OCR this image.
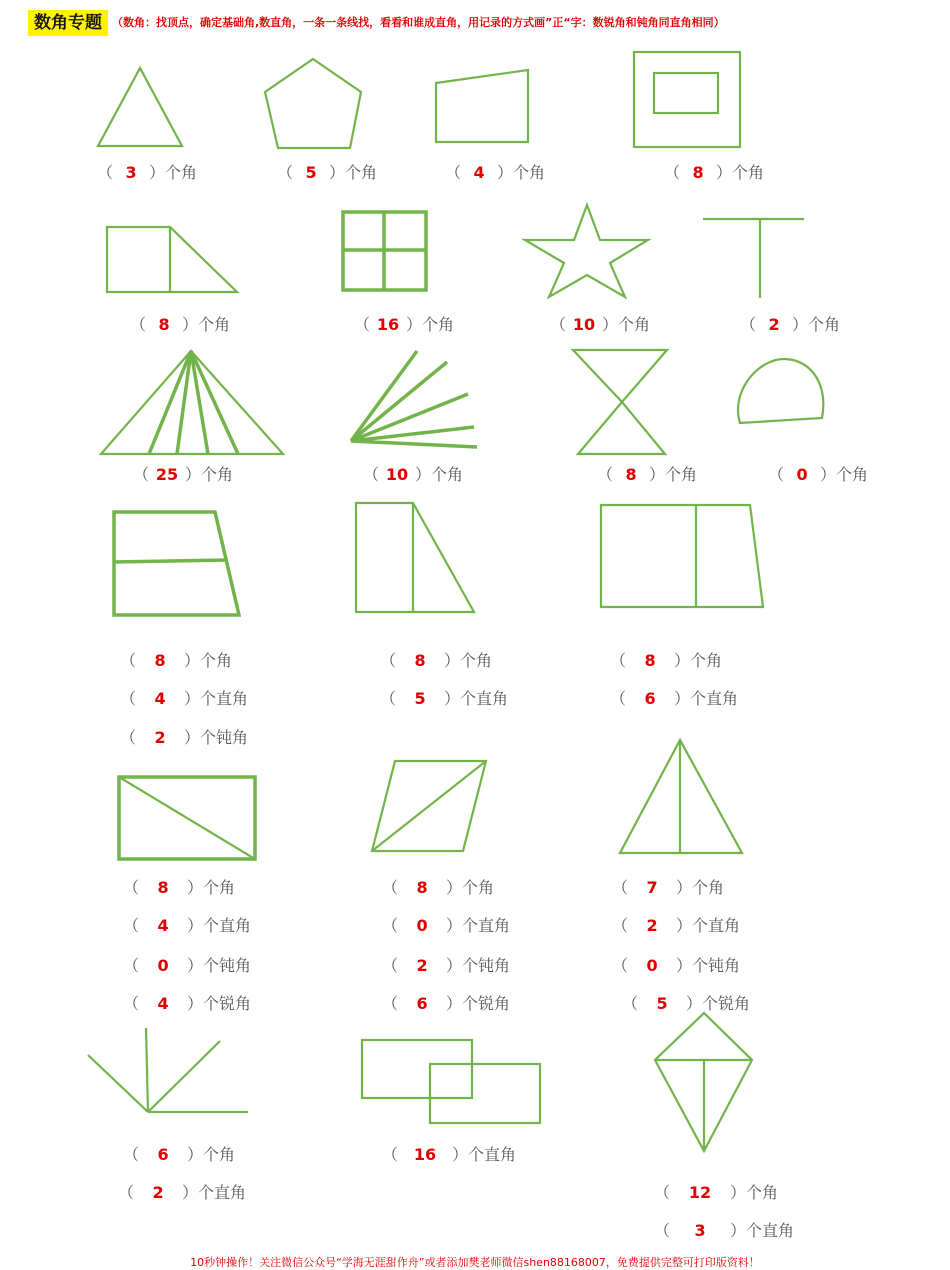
数角专题 （数角：找顶点，确定基础角,数直角，一条一条线找，看看和谁成直角，用记录的方式画”正“字：数锐角和钝角同直角相同）
（ 3 ）个角	（ 5 ）个角	（ 4 ）个角	（ 8 ）个角
（ 8 ）个角	（ 16 ）个角	（ 10 ）个角	（ 2 ）个角
（ 25 ）个角	（ 10 ）个角	（ 8 ）个角	（ 0 ）个角
（ 8 ）个角
（ 4 ）个直角
（ 2 ）个钝角
（ 8 ）个角
（ 5 ）个直角
（ 8 ）个角
（ 6 ）个直角
（ 8 ）个角
（ 4 ）个直角
（ 0 ）个钝角
（ 4 ）个锐角
（ 8 ）个角
（ 0 ）个直角
（ 2 ）个钝角
（ 6 ）个锐角
（ 7 ）个角
（ 2 ）个直角
（ 0 ）个钝角
（ 5 ）个锐角
（ 6 ）个角
（ 2 ）个直角
（ 16 ）个直角
（ 12 ）个角
（ 3 ）个直角
10秒钟操作！关注微信公众号“学海无涯甜作舟”或者添加樊老师微信shen88168007，免费提供完整可打印版资料！
